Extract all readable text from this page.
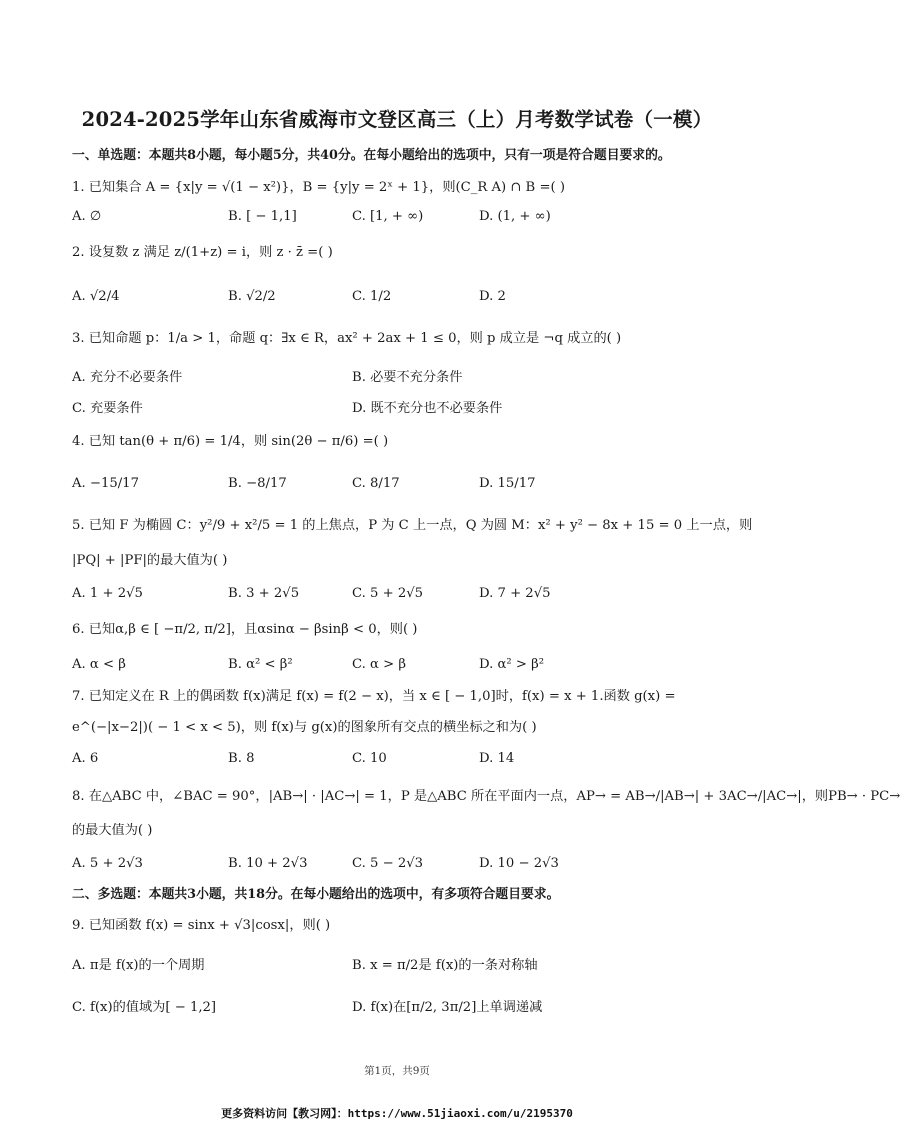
2024-2025学年山东省威海市文登区高三（上）月考数学试卷（一模）
一、单选题：本题共8小题，每小题5分，共40分。在每小题给出的选项中，只有一项是符合题目要求的。
1. 已知集合 A = {x|y = √(1 − x²)}，B = {y|y = 2ˣ + 1}，则(C_R A) ∩ B =( )
A. ∅	B. [ − 1,1]	C. [1, + ∞)	D. (1, + ∞)
2. 设复数 z 满足 z/(1+z) = i，则 z · z̄ =( )
A. √2/4	B. √2/2	C. 1/2	D. 2
3. 已知命题 p：1/a > 1，命题 q：∃x ∈ R，ax² + 2ax + 1 ≤ 0，则 p 成立是 ¬q 成立的( )
A. 充分不必要条件	B. 必要不充分条件
C. 充要条件	D. 既不充分也不必要条件
4. 已知 tan(θ + π/6) = 1/4，则 sin(2θ − π/6) =( )
A. −15/17	B. −8/17	C. 8/17	D. 15/17
5. 已知 F 为椭圆 C：y²/9 + x²/5 = 1 的上焦点，P 为 C 上一点，Q 为圆 M：x² + y² − 8x + 15 = 0 上一点，则
|PQ| + |PF|的最大值为( )
A. 1 + 2√5	B. 3 + 2√5	C. 5 + 2√5	D. 7 + 2√5
6. 已知α,β ∈ [ −π/2, π/2]，且αsinα − βsinβ < 0，则( )
A. α < β	B. α² < β²	C. α > β	D. α² > β²
7. 已知定义在 R 上的偶函数 f(x)满足 f(x) = f(2 − x)，当 x ∈ [ − 1,0]时，f(x) = x + 1.函数 g(x) =
e^(−|x−2|)( − 1 < x < 5)，则 f(x)与 g(x)的图象所有交点的横坐标之和为( )
A. 6	B. 8	C. 10	D. 14
8. 在△ABC 中，∠BAC = 90°，|AB→| · |AC→| = 1，P 是△ABC 所在平面内一点，AP→ = AB→/|AB→| + 3AC→/|AC→|，则PB→ · PC→
的最大值为( )
A. 5 + 2√3	B. 10 + 2√3	C. 5 − 2√3	D. 10 − 2√3
二、多选题：本题共3小题，共18分。在每小题给出的选项中，有多项符合题目要求。
9. 已知函数 f(x) = sinx + √3|cosx|，则( )
A. π是 f(x)的一个周期	B. x = π/2是 f(x)的一条对称轴
C. f(x)的值域为[ − 1,2]	D. f(x)在[π/2, 3π/2]上单调递减
第1页，共9页
更多资料访问【教习网】：https://www.51jiaoxi.com/u/2195370
